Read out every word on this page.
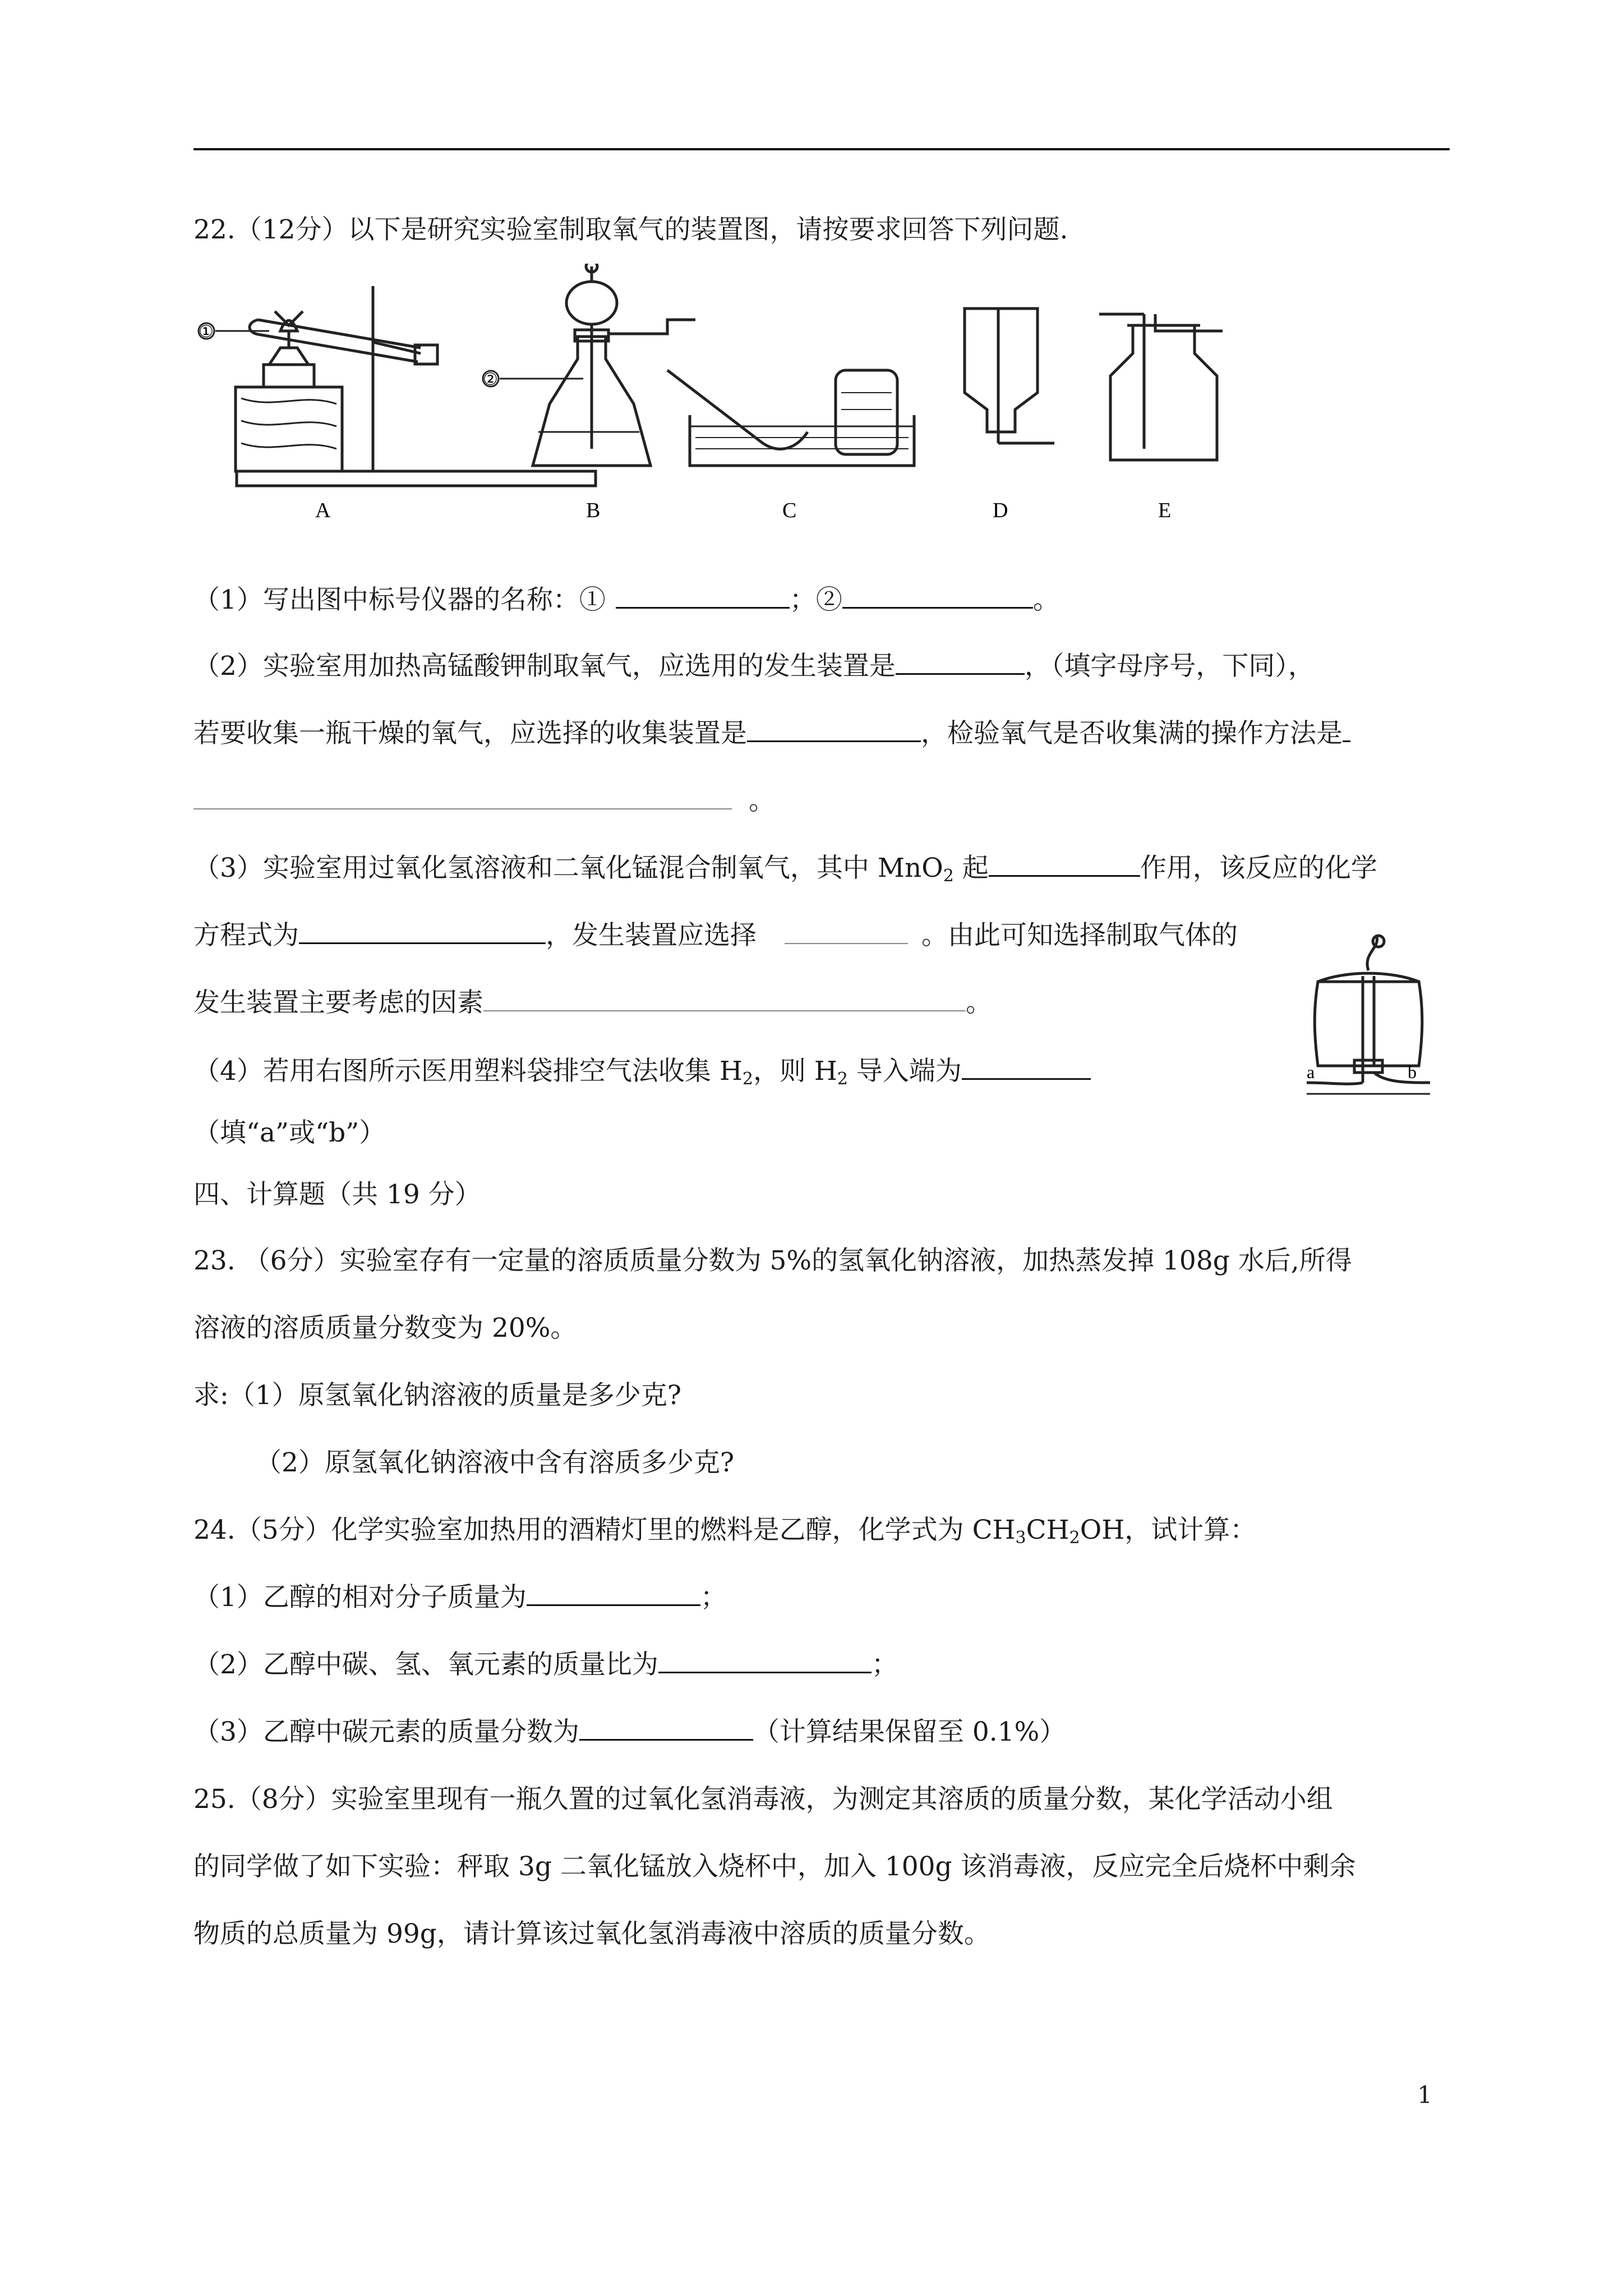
22.（12分）以下是研究实验室制取氧气的装置图，请按要求回答下列问题.
①
②
A	B	C	D	E
（1）写出图中标号仪器的名称：①	；②	。
（2）实验室用加热高锰酸钾制取氧气，应选用的发生装置是	，（填字母序号，下同），
若要收集一瓶干燥的氧气，应选择的收集装置是	，检验氧气是否收集满的操作方法是
。
（3）实验室用过氧化氢溶液和二氧化锰混合制氧气，其中 MnO$_2$ 起	作用，该反应的化学
方程式为	，发生装置应选择	。由此可知选择制取气体的
发生装置主要考虑的因素	。
a	b
（4）若用右图所示医用塑料袋排空气法收集 $H_2$，则 $H_2$ 导入端为
（填“a”或“b”）
四、计算题（共 19 分）
23. （6分）实验室存有一定量的溶质质量分数为 5%的氢氧化钠溶液，加热蒸发掉 108g 水后,所得
溶液的溶质质量分数变为 20%。
求:（1）原氢氧化钠溶液的质量是多少克?
（2）原氢氧化钠溶液中含有溶质多少克?
24.（5分）化学实验室加热用的酒精灯里的燃料是乙醇，化学式为 $CH_3CH_2OH$，试计算：
（1）乙醇的相对分子质量为	；
（2）乙醇中碳、氢、氧元素的质量比为	；
（3）乙醇中碳元素的质量分数为	（计算结果保留至 0.1%）
25.（8分）实验室里现有一瓶久置的过氧化氢消毒液，为测定其溶质的质量分数，某化学活动小组
的同学做了如下实验：秤取 3g 二氧化锰放入烧杯中，加入 100g 该消毒液，反应完全后烧杯中剩余
物质的总质量为 99g，请计算该过氧化氢消毒液中溶质的质量分数。
1
